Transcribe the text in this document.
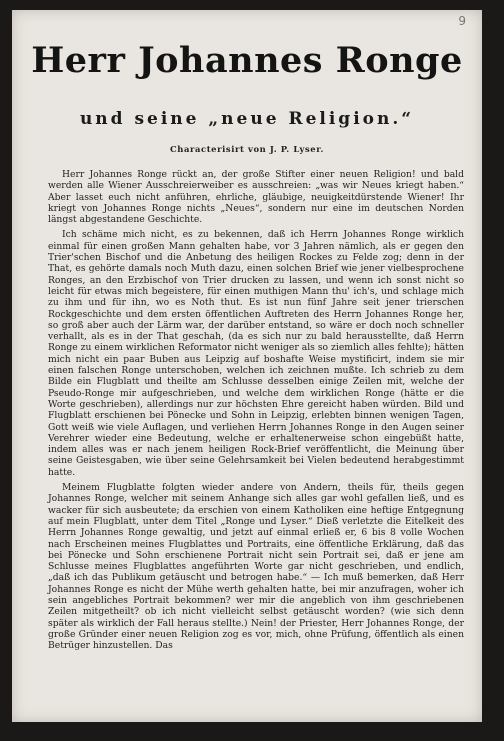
9
Herr Johannes Ronge
und seine „neue Religion.“
Characterisirt von J. P. Lyser.

Herr Johannes Ronge rückt an, der große Stifter einer neuen Religion! und bald werden alle Wiener Ausschreierweiber es ausschreien: „was wir Neues kriegt haben.“ Aber lasset euch nicht anführen, ehrliche, gläubige, neuigkeitdürstende Wiener! Ihr kriegt von Johannes Ronge nichts „Neues“, sondern nur eine im deutschen Norden längst abgestandene Geschichte.

Ich schäme mich nicht, es zu bekennen, daß ich Herrn Johannes Ronge wirklich einmal für einen großen Mann gehalten habe, vor 3 Jahren nämlich, als er gegen den Trier'schen Bischof und die Anbetung des heiligen Rockes zu Felde zog; denn in der That, es gehörte damals noch Muth dazu, einen solchen Brief wie jener vielbesprochene Ronges, an den Erzbischof von Trier drucken zu lassen, und wenn ich sonst nicht so leicht für etwas mich begeistere, für einen muthigen Mann thu' ich's, und schlage mich zu ihm und für ihn, wo es Noth thut. Es ist nun fünf Jahre seit jener trierschen Rockgeschichte und dem ersten öffentlichen Auftreten des Herrn Johannes Ronge her, so groß aber auch der Lärm war, der darüber entstand, so wäre er doch noch schneller verhallt, als es in der That geschah, (da es sich nur zu bald herausstellte, daß Herrn Ronge zu einem wirklichen Reformator nicht weniger als so ziemlich alles fehlte); hätten mich nicht ein paar Buben aus Leipzig auf boshafte Weise mystificirt, indem sie mir einen falschen Ronge unterschoben, welchen ich zeichnen mußte. Ich schrieb zu dem Bilde ein Flugblatt und theilte am Schlusse desselben einige Zeilen mit, welche der Pseudo-Ronge mir aufgeschrieben, und welche dem wirklichen Ronge (hätte er die Worte geschrieben), allerdings nur zur höchsten Ehre gereicht haben würden. Bild und Flugblatt erschienen bei Pönecke und Sohn in Leipzig, erlebten binnen wenigen Tagen, Gott weiß wie viele Auflagen, und verliehen Herrn Johannes Ronge in den Augen seiner Verehrer wieder eine Bedeutung, welche er erhaltenerweise schon eingebüßt hatte, indem alles was er nach jenem heiligen Rock-Brief veröffentlicht, die Meinung über seine Geistesgaben, wie über seine Gelehrsamkeit bei Vielen bedeutend herabgestimmt hatte.

Meinem Flugblatte folgten wieder andere von Andern, theils für, theils gegen Johannes Ronge, welcher mit seinem Anhange sich alles gar wohl gefallen ließ, und es wacker für sich ausbeutete; da erschien von einem Katholiken eine heftige Entgegnung auf mein Flugblatt, unter dem Titel „Ronge und Lyser.“ Dieß verletzte die Eitelkeit des Herrn Johannes Ronge gewaltig, und jetzt auf einmal erließ er, 6 bis 8 volle Wochen nach Erscheinen meines Flugblattes und Portraits, eine öffentliche Erklärung, daß das bei Pönecke und Sohn erschienene Portrait nicht sein Portrait sei, daß er jene am Schlusse meines Flugblattes angeführten Worte gar nicht geschrieben, und endlich, „daß ich das Publikum getäuscht und betrogen habe.“ — Ich muß bemerken, daß Herr Johannes Ronge es nicht der Mühe werth gehalten hatte, bei mir anzufragen, woher ich sein angebliches Portrait bekommen? wer mir die angeblich von ihm geschriebenen Zeilen mitgetheilt? ob ich nicht vielleicht selbst getäuscht worden? (wie sich denn später als wirklich der Fall heraus stellte.) Nein! der Priester, Herr Johannes Ronge, der große Gründer einer neuen Religion zog es vor, mich, ohne Prüfung, öffentlich als einen Betrüger hinzustellen. Das
